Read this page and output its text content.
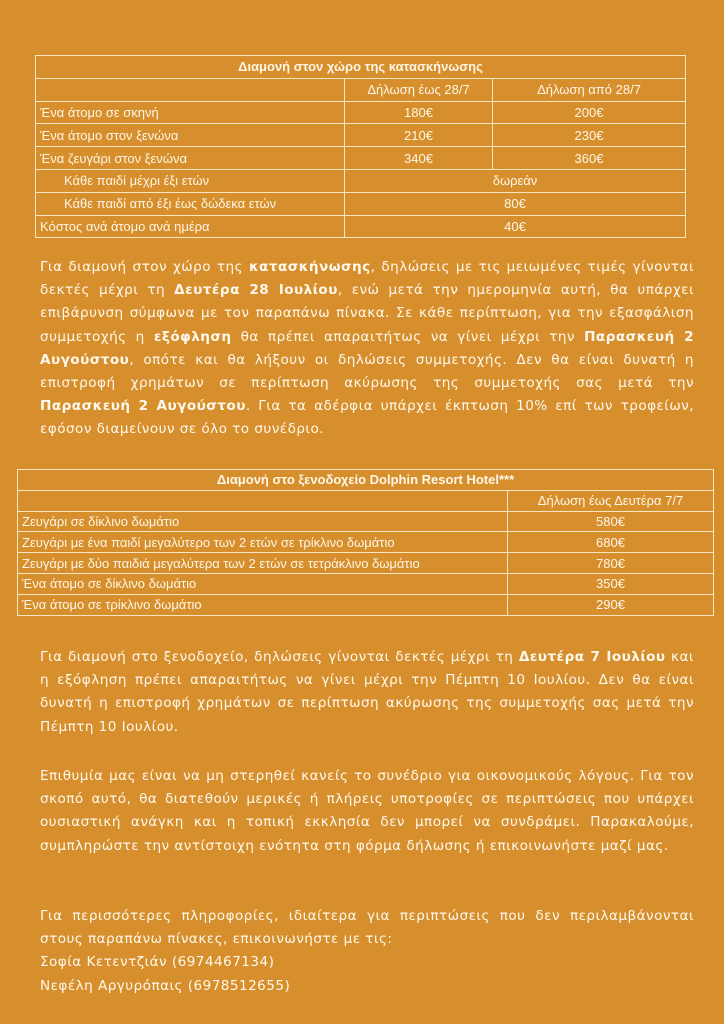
Διαμονή στον χώρο της κατασκήνωσης		
	Δήλωση έως 28/7	Δήλωση από 28/7
Ένα άτομο σε σκηνή	180€	200€
Ένα άτομο στον ξενώνα	210€	230€
Ένα ζευγάρι στον ξενώνα	340€	360€
Κάθε παιδί μέχρι έξι ετών	δωρεάν	
Κάθε παιδί από έξι έως δώδεκα ετών	80€	
Κόστος ανά άτομο ανά ημέρα	40€	

Για διαμονή στον χώρο της κατασκήνωσης, δηλώσεις με τις μειωμένες τιμές γίνονται δεκτές μέχρι τη Δευτέρα 28 Ιουλίου, ενώ μετά την ημερομηνία αυτή, θα υπάρχει επιβάρυνση σύμφωνα με τον παραπάνω πίνακα. Σε κάθε περίπτωση, για την εξασφάλιση συμμετοχής η εξόφληση θα πρέπει απαραιτήτως να γίνει μέχρι την Παρασκευή 2 Αυγούστου, οπότε και θα λήξουν οι δηλώσεις συμμετοχής. Δεν θα είναι δυνατή η επιστροφή χρημάτων σε περίπτωση ακύρωσης της συμμετοχής σας μετά την Παρασκευή 2 Αυγούστου. Για τα αδέρφια υπάρχει έκπτωση 10% επί των τροφείων, εφόσον διαμείνουν σε όλο το συνέδριο.

Διαμονή στο ξενοδοχείο Dolphin Resort Hotel***	
	Δήλωση έως Δευτέρα 7/7
Ζευγάρι σε δίκλινο δωμάτιο	580€
Ζευγάρι με ένα παιδί μεγαλύτερο των 2 ετών σε τρίκλινο δωμάτιο	680€
Ζευγάρι με δύο παιδιά μεγαλύτερα των 2 ετών σε τετράκλινο δωμάτιο	780€
Ένα άτομο σε δίκλινο δωμάτιο	350€
Ένα άτομο σε τρίκλινο δωμάτιο	290€

Για διαμονή στο ξενοδοχείο, δηλώσεις γίνονται δεκτές μέχρι τη Δευτέρα 7 Ιουλίου και η εξόφληση πρέπει απαραιτήτως να γίνει μέχρι την Πέμπτη 10 Ιουλίου. Δεν θα είναι δυνατή η επιστροφή χρημάτων σε περίπτωση ακύρωσης της συμμετοχής σας μετά την Πέμπτη 10 Ιουλίου.

Επιθυμία μας είναι να μη στερηθεί κανείς το συνέδριο για οικονομικούς λόγους. Για τον σκοπό αυτό, θα διατεθούν μερικές ή πλήρεις υποτροφίες σε περιπτώσεις που υπάρχει ουσιαστική ανάγκη και η τοπική εκκλησία δεν μπορεί να συνδράμει. Παρακαλούμε, συμπληρώστε την αντίστοιχη ενότητα στη φόρμα δήλωσης ή επικοινωνήστε μαζί μας.

Για περισσότερες πληροφορίες, ιδιαίτερα για περιπτώσεις που δεν περιλαμβάνονται στους παραπάνω πίνακες, επικοινωνήστε με τις:
Σοφία Κετεντζιάν (6974467134)
Νεφέλη Αργυρόπαις (6978512655)
